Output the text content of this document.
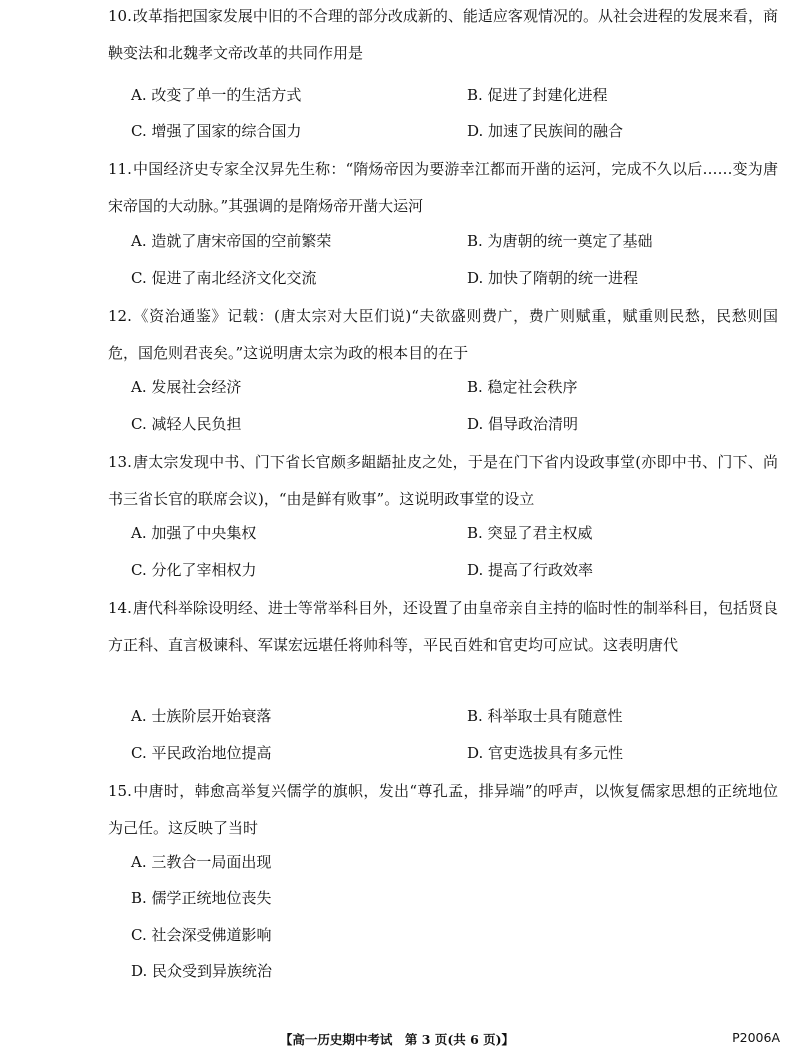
10.改革指把国家发展中旧的不合理的部分改成新的、能适应客观情况的。从社会进程的发展来看，商鞅变法和北魏孝文帝改革的共同作用是
A. 改变了单一的生活方式	B. 促进了封建化进程
C. 增强了国家的综合国力	D. 加速了民族间的融合
11.中国经济史专家全汉昇先生称：“隋炀帝因为要游幸江都而开凿的运河，完成不久以后……变为唐宋帝国的大动脉。”其强调的是隋炀帝开凿大运河
A. 造就了唐宋帝国的空前繁荣	B. 为唐朝的统一奠定了基础
C. 促进了南北经济文化交流	D. 加快了隋朝的统一进程
12.《资治通鉴》记载：(唐太宗对大臣们说)“夫欲盛则费广，费广则赋重，赋重则民愁，民愁则国危，国危则君丧矣。”这说明唐太宗为政的根本目的在于
A. 发展社会经济	B. 稳定社会秩序
C. 减轻人民负担	D. 倡导政治清明
13.唐太宗发现中书、门下省长官颇多龃龉扯皮之处，于是在门下省内设政事堂(亦即中书、门下、尚书三省长官的联席会议)，“由是鲜有败事”。这说明政事堂的设立
A. 加强了中央集权	B. 突显了君主权威
C. 分化了宰相权力	D. 提高了行政效率
14.唐代科举除设明经、进士等常举科目外，还设置了由皇帝亲自主持的临时性的制举科目，包括贤良方正科、直言极谏科、军谋宏远堪任将帅科等，平民百姓和官吏均可应试。这表明唐代
A. 士族阶层开始衰落	B. 科举取士具有随意性
C. 平民政治地位提高	D. 官吏选拔具有多元性
15.中唐时，韩愈高举复兴儒学的旗帜，发出“尊孔孟，排异端”的呼声，以恢复儒家思想的正统地位为己任。这反映了当时
A. 三教合一局面出现
B. 儒学正统地位丧失
C. 社会深受佛道影响
D. 民众受到异族统治
【高一历史期中考试　第 3 页(共 6 页)】	P2006A
